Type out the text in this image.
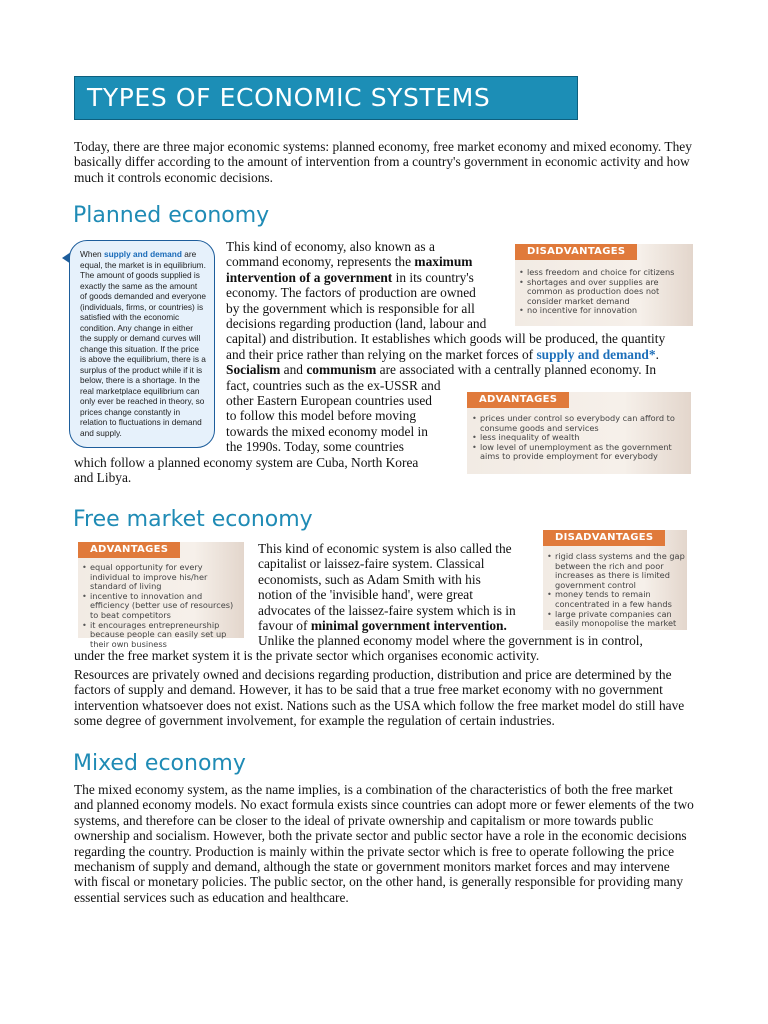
TYPES OF ECONOMIC SYSTEMS

Today, there are three major economic systems: planned economy, free market economy and mixed economy. They basically differ according to the amount of intervention from a country's government in economic activity and how much it controls economic decisions.

Planned economy
When supply and demand are equal, the market is in equilibrium. The amount of goods supplied is exactly the same as the amount of goods demanded and everyone (individuals, firms, or countries) is satisfied with the economic condition. Any change in either the supply or demand curves will change this situation. If the price is above the equilibrium, there is a surplus of the product while if it is below, there is a shortage. In the real marketplace equilibrium can only ever be reached in theory, so prices change constantly in relation to fluctuations in demand and supply.
This kind of economy, also known as a
command economy, represents the maximum
intervention of a government in its country's
economy. The factors of production are owned
by the government which is responsible for all
decisions regarding production (land, labour and
capital) and distribution. It establishes which goods will be produced, the quantity
and their price rather than relying on the market forces of supply and demand*.
Socialism and communism are associated with a centrally planned economy. In
fact, countries such as the ex-USSR and
other Eastern European countries used
to follow this model before moving
towards the mixed economy model in
the 1990s. Today, some countries
which follow a planned economy system are Cuba, North Korea
and Libya.
DISADVANTAGES
• less freedom and choice for citizens
• shortages and over supplies are common as production does not consider market demand
• no incentive for innovation
ADVANTAGES
• prices under control so everybody can afford to consume goods and services
• less inequality of wealth
• low level of unemployment as the government aims to provide employment for everybody
Free market economy
ADVANTAGES
• equal opportunity for every individual to improve his/her standard of living
• incentive to innovation and efficiency (better use of resources) to beat competitors
• it encourages entrepreneurship because people can easily set up their own business
DISADVANTAGES
• rigid class systems and the gap between the rich and poor increases as there is limited government control
• money tends to remain concentrated in a few hands
• large private companies can easily monopolise the market
This kind of economic system is also called the
capitalist or laissez-faire system. Classical
economists, such as Adam Smith with his
notion of the 'invisible hand', were great
advocates of the laissez-faire system which is in
favour of minimal government intervention.
Unlike the planned economy model where the government is in control,
under the free market system it is the private sector which organises economic activity.

Resources are privately owned and decisions regarding production, distribution and price are determined by the factors of supply and demand. However, it has to be said that a true free market economy with no government intervention whatsoever does not exist. Nations such as the USA which follow the free market model do still have some degree of government involvement, for example the regulation of certain industries.

Mixed economy

The mixed economy system, as the name implies, is a combination of the characteristics of both the free market and planned economy models. No exact formula exists since countries can adopt more or fewer elements of the two systems, and therefore can be closer to the ideal of private ownership and capitalism or more towards public ownership and socialism. However, both the private sector and public sector have a role in the economic decisions regarding the country. Production is mainly within the private sector which is free to operate following the price mechanism of supply and demand, although the state or government monitors market forces and may intervene with fiscal or monetary policies. The public sector, on the other hand, is generally responsible for providing many essential services such as education and healthcare.
